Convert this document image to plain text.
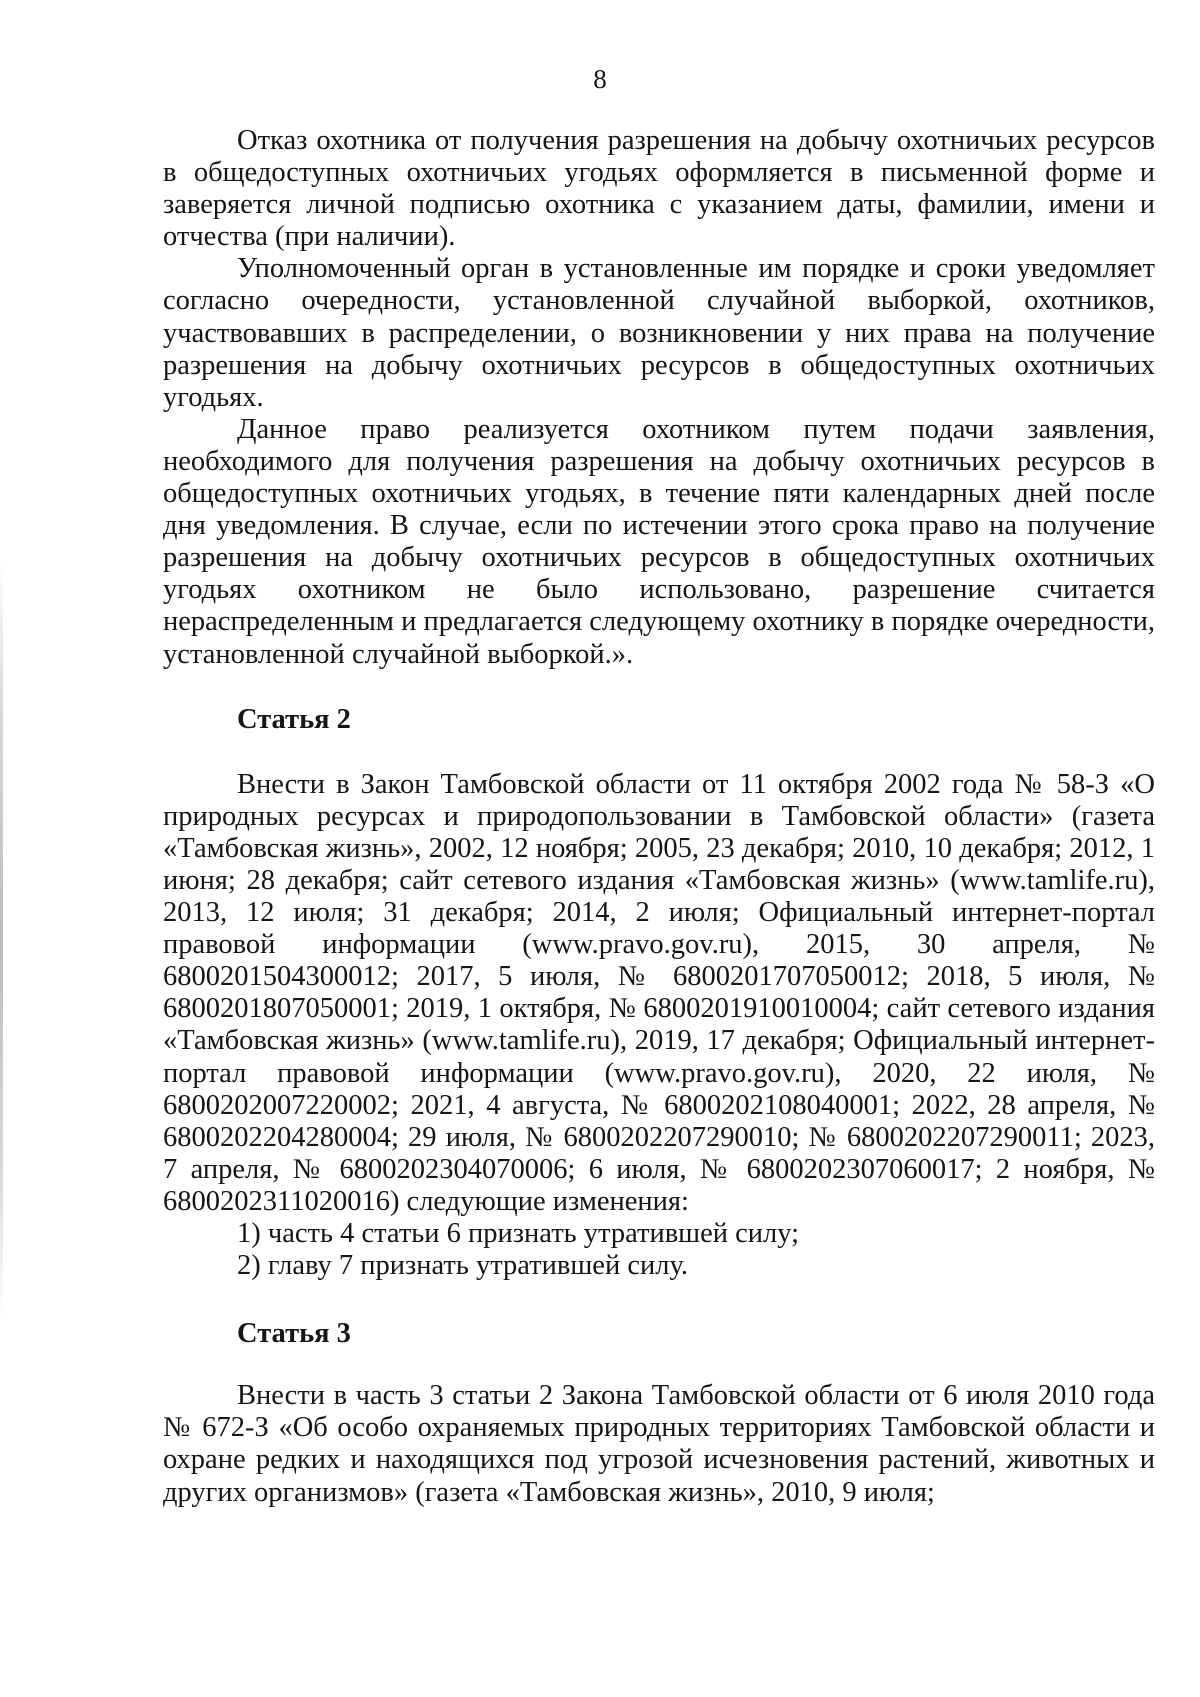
8

Отказ охотника от получения разрешения на добычу охотничьих ресурсов в общедоступных охотничьих угодьях оформляется в письменной форме и заверяется личной подписью охотника с указанием даты, фамилии, имени и отчества (при наличии).

Уполномоченный орган в установленные им порядке и сроки уведомляет согласно очередности, установленной случайной выборкой, охотников, участвовавших в распределении, о возникновении у них права на получение разрешения на добычу охотничьих ресурсов в общедоступных охотничьих угодьях.

Данное право реализуется охотником путем подачи заявления, необходимого для получения разрешения на добычу охотничьих ресурсов в общедоступных охотничьих угодьях, в течение пяти календарных дней после дня уведомления. В случае, если по истечении этого срока право на получение разрешения на добычу охотничьих ресурсов в общедоступных охотничьих угодьях охотником не было использовано, разрешение считается нераспределенным и предлагается следующему охотнику в порядке очередности, установленной случайной выборкой.».

Статья 2

Внести в Закон Тамбовской области от 11 октября 2002 года № 58-З «О природных ресурсах и природопользовании в Тамбовской области» (газета «Тамбовская жизнь», 2002, 12 ноября; 2005, 23 декабря; 2010, 10 декабря; 2012, 1 июня; 28 декабря; сайт сетевого издания «Тамбовская жизнь» (www.tamlife.ru), 2013, 12 июля; 31 декабря; 2014, 2 июля; Официальный интернет-портал правовой информации (www.pravo.gov.ru), 2015, 30 апреля, № 6800201504300012; 2017, 5 июля, № 6800201707050012; 2018, 5 июля, № 6800201807050001; 2019, 1 октября, № 6800201910010004; сайт сетевого издания «Тамбовская жизнь» (www.tamlife.ru), 2019, 17 декабря; Официальный интернет-портал правовой информации (www.pravo.gov.ru), 2020, 22 июля, № 6800202007220002; 2021, 4 августа, № 6800202108040001; 2022, 28 апреля, № 6800202204280004; 29 июля, № 6800202207290010; № 6800202207290011; 2023, 7 апреля, № 6800202304070006; 6 июля, № 6800202307060017; 2 ноября, № 6800202311020016) следующие изменения:

1) часть 4 статьи 6 признать утратившей силу;

2) главу 7 признать утратившей силу.

Статья 3

Внести в часть 3 статьи 2 Закона Тамбовской области от 6 июля 2010 года № 672-З «Об особо охраняемых природных территориях Тамбовской области и охране редких и находящихся под угрозой исчезновения растений, животных и других организмов» (газета «Тамбовская жизнь», 2010, 9 июля;
